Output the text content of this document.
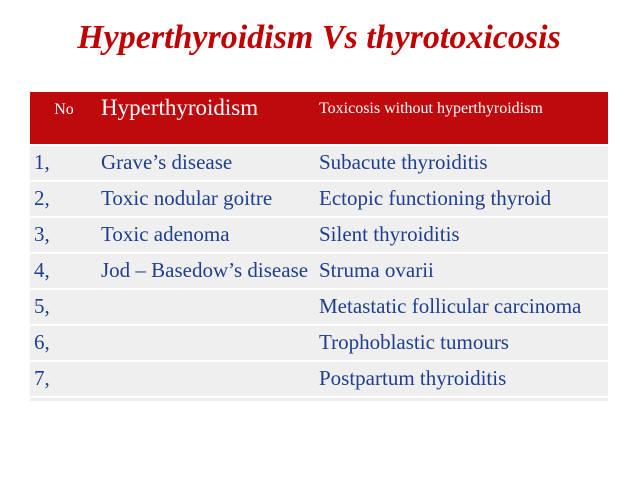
Hyperthyroidism Vs thyrotoxicosis
No	Hyperthyroidism	Toxicosis without hyperthyroidism
1,	Grave’s disease	Subacute thyroiditis
2,	Toxic nodular goitre	Ectopic functioning thyroid
3,	Toxic adenoma	Silent thyroiditis
4,	Jod – Basedow’s disease	Struma ovarii
5,		Metastatic follicular carcinoma
6,		Trophoblastic tumours
7,		Postpartum thyroiditis
